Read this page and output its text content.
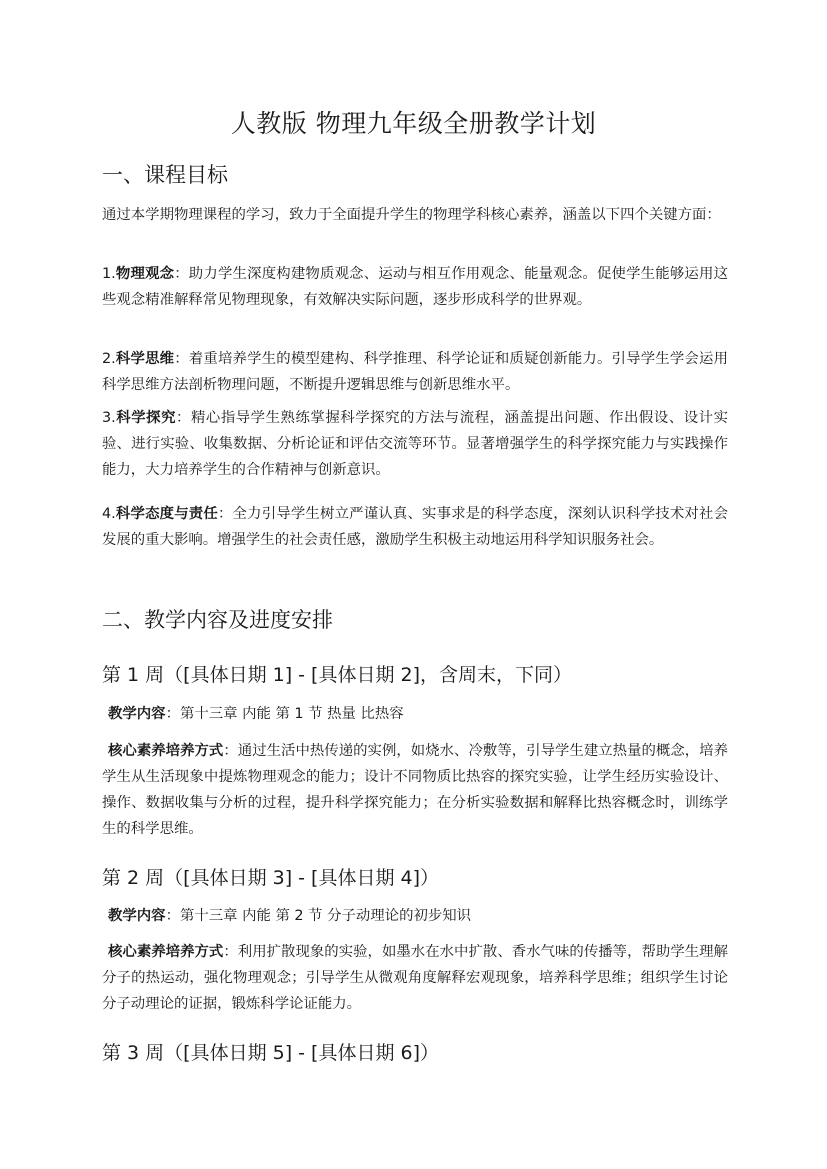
人教版 物理九年级全册教学计划
一、课程目标

通过本学期物理课程的学习，致力于全面提升学生的物理学科核心素养，涵盖以下四个关键方面：

1.物理观念：助力学生深度构建物质观念、运动与相互作用观念、能量观念。促使学生能够运用这些观念精准解释常见物理现象，有效解决实际问题，逐步形成科学的世界观。

2.科学思维：着重培养学生的模型建构、科学推理、科学论证和质疑创新能力。引导学生学会运用科学思维方法剖析物理问题，不断提升逻辑思维与创新思维水平。

3.科学探究：精心指导学生熟练掌握科学探究的方法与流程，涵盖提出问题、作出假设、设计实验、进行实验、收集数据、分析论证和评估交流等环节。显著增强学生的科学探究能力与实践操作能力，大力培养学生的合作精神与创新意识。

4.科学态度与责任：全力引导学生树立严谨认真、实事求是的科学态度，深刻认识科学技术对社会发展的重大影响。增强学生的社会责任感，激励学生积极主动地运用科学知识服务社会。

二、教学内容及进度安排
第 1 周（[具体日期 1] - [具体日期 2]，含周末，下同）

教学内容：第十三章 内能 第 1 节 热量 比热容

核心素养培养方式：通过生活中热传递的实例，如烧水、冷敷等，引导学生建立热量的概念，培养学生从生活现象中提炼物理观念的能力；设计不同物质比热容的探究实验，让学生经历实验设计、操作、数据收集与分析的过程，提升科学探究能力；在分析实验数据和解释比热容概念时，训练学生的科学思维。

第 2 周（[具体日期 3] - [具体日期 4]）

教学内容：第十三章 内能 第 2 节 分子动理论的初步知识

核心素养培养方式：利用扩散现象的实验，如墨水在水中扩散、香水气味的传播等，帮助学生理解分子的热运动，强化物理观念；引导学生从微观角度解释宏观现象，培养科学思维；组织学生讨论分子动理论的证据，锻炼科学论证能力。

第 3 周（[具体日期 5] - [具体日期 6]）
